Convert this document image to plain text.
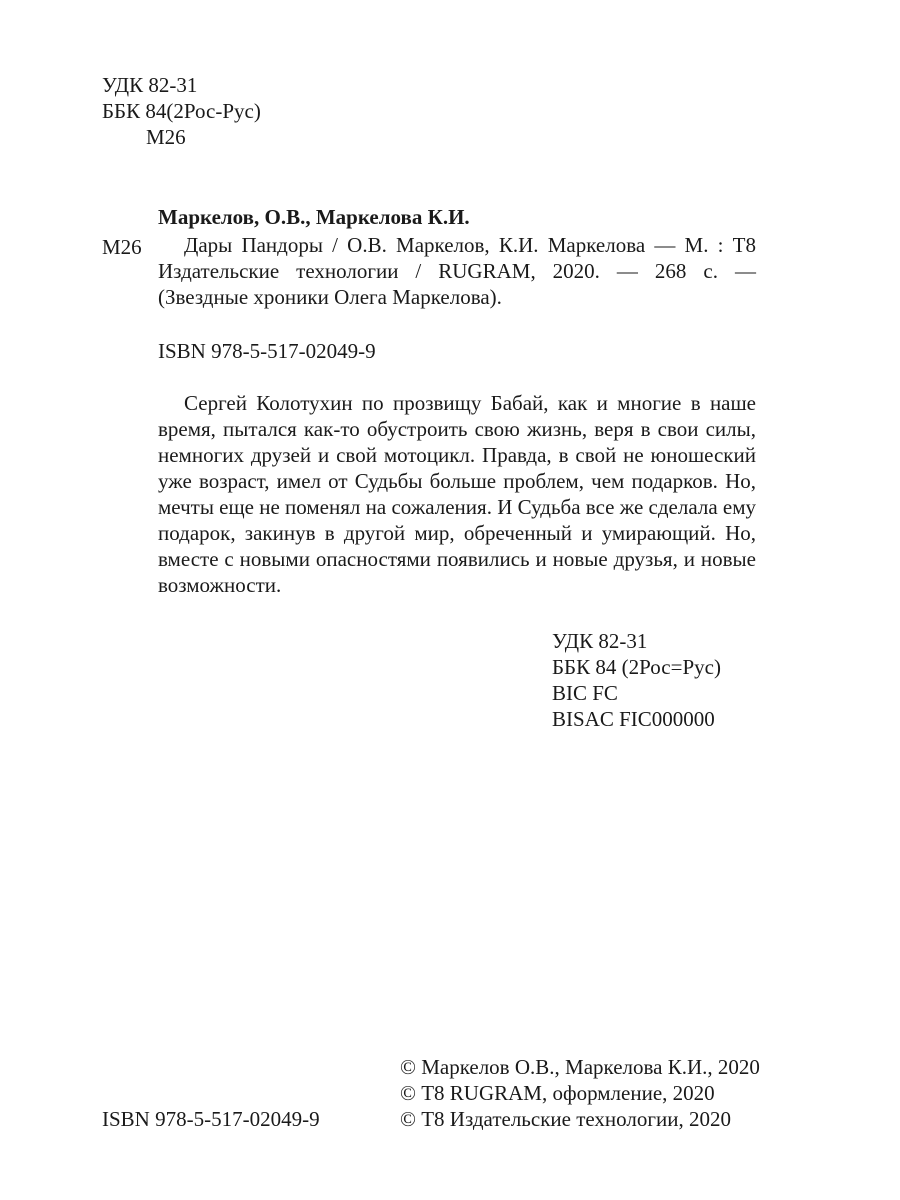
УДК 82-31
ББК 84(2Рос-Рус)
М26
Маркелов, О.В., Маркелова К.И.
М26	Дары Пандоры / О.В. Маркелов, К.И. Маркелова — М. : Т8 Издательские технологии / RUGRAM, 2020. — 268 с. — (Звездные хроники Олега Маркелова).
ISBN 978-5-517-02049-9
Сергей Колотухин по прозвищу Бабай, как и многие в наше время, пытался как-то обустроить свою жизнь, веря в свои силы, немногих друзей и свой мотоцикл. Правда, в свой не юношеский уже возраст, имел от Судьбы больше проблем, чем подарков. Но, мечты еще не поменял на сожаления. И Судьба все же сделала ему подарок, закинув в другой мир, обреченный и умирающий. Но, вместе с новыми опасностями появились и новые друзья, и новые возможности.
УДК 82-31
ББК 84 (2Рос=Рус)
BIC FC
BISAC FIC000000
ISBN 978-5-517-02049-9
© Маркелов О.В., Маркелова К.И., 2020
© Т8 RUGRAM, оформление, 2020
© Т8 Издательские технологии, 2020
